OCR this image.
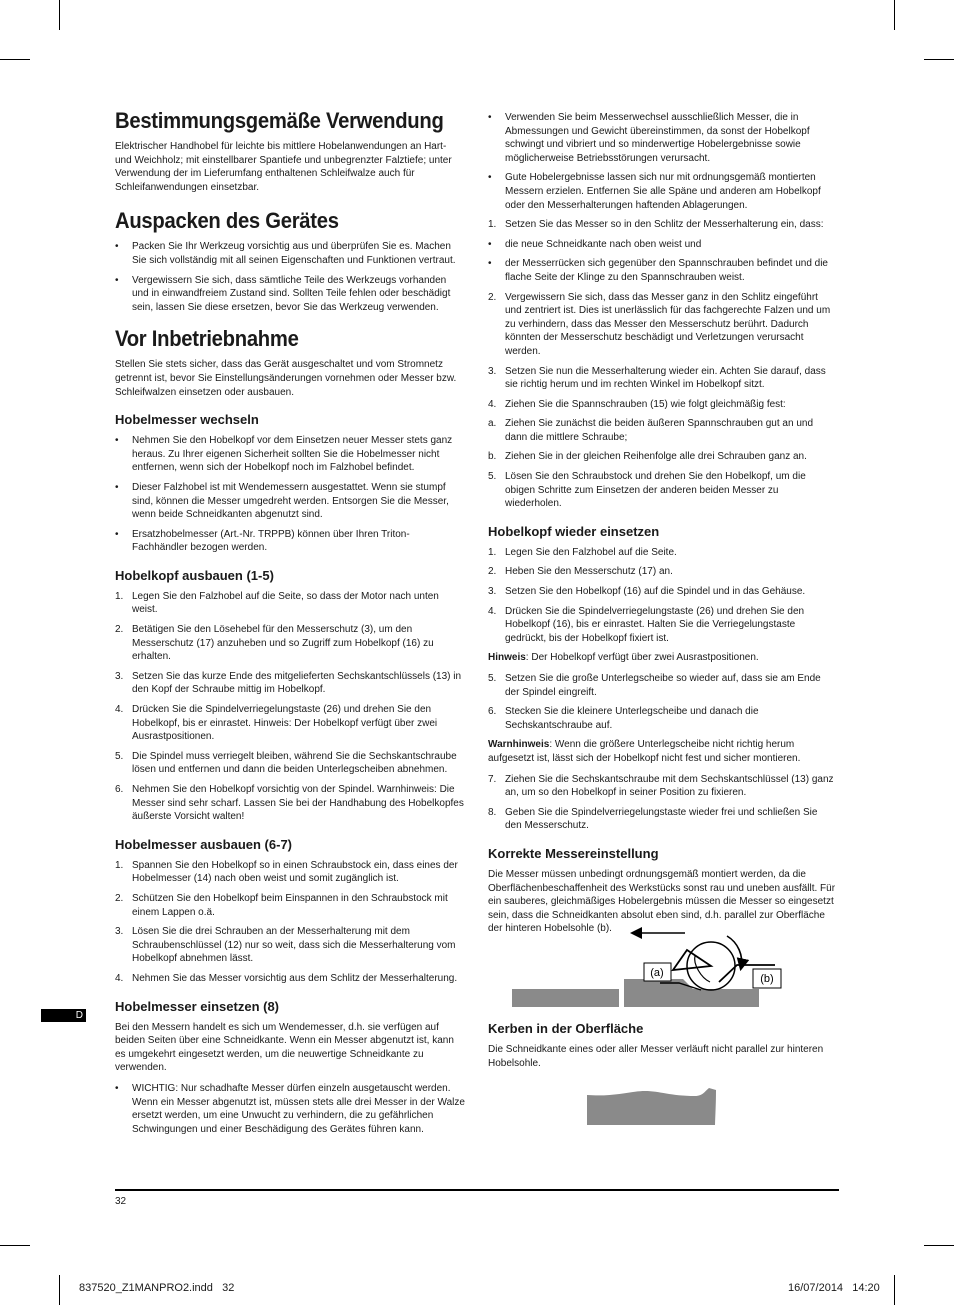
Bestimmungsgemäße Verwendung

Elektrischer Handhobel für leichte bis mittlere Hobelanwendungen an Hart- und Weichholz; mit einstellbarer Spantiefe und unbegrenzter Falztiefe; unter Verwendung der im Lieferumfang enthaltenen Schleifwalze auch für Schleifanwendungen einsetzbar.

Auspacken des Gerätes
• Packen Sie Ihr Werkzeug vorsichtig aus und überprüfen Sie es. Machen Sie sich vollständig mit all seinen Eigenschaften und Funktionen vertraut.
• Vergewissern Sie sich, dass sämtliche Teile des Werkzeugs vorhanden und in einwandfreiem Zustand sind. Sollten Teile fehlen oder beschädigt sein, lassen Sie diese ersetzen, bevor Sie das Werkzeug verwenden.
Vor Inbetriebnahme

Stellen Sie stets sicher, dass das Gerät ausgeschaltet und vom Stromnetz getrennt ist, bevor Sie Einstellungsänderungen vornehmen oder Messer bzw. Schleifwalzen einsetzen oder ausbauen.

Hobelmesser wechseln
• Nehmen Sie den Hobelkopf vor dem Einsetzen neuer Messer stets ganz heraus. Zu Ihrer eigenen Sicherheit sollten Sie die Hobelmesser nicht entfernen, wenn sich der Hobelkopf noch im Falzhobel befindet.
• Dieser Falzhobel ist mit Wendemessern ausgestattet. Wenn sie stumpf sind, können die Messer umgedreht werden. Entsorgen Sie die Messer, wenn beide Schneidkanten abgenutzt sind.
• Ersatzhobelmesser (Art.-Nr. TRPPB) können über Ihren Triton-Fachhändler bezogen werden.
Hobelkopf ausbauen (1-5)
1. Legen Sie den Falzhobel auf die Seite, so dass der Motor nach unten weist.
2. Betätigen Sie den Lösehebel für den Messerschutz (3), um den Messerschutz (17) anzuheben und so Zugriff zum Hobelkopf (16) zu erhalten.
3. Setzen Sie das kurze Ende des mitgelieferten Sechskantschlüssels (13) in den Kopf der Schraube mittig im Hobelkopf.
4. Drücken Sie die Spindelverriegelungstaste (26) und drehen Sie den Hobelkopf, bis er einrastet. Hinweis: Der Hobelkopf verfügt über zwei Ausrastpositionen.
5. Die Spindel muss verriegelt bleiben, während Sie die Sechskantschraube lösen und entfernen und dann die beiden Unterlegscheiben abnehmen.
6. Nehmen Sie den Hobelkopf vorsichtig von der Spindel. Warnhinweis: Die Messer sind sehr scharf. Lassen Sie bei der Handhabung des Hobelkopfes äußerste Vorsicht walten!
Hobelmesser ausbauen (6-7)
1. Spannen Sie den Hobelkopf so in einen Schraubstock ein, dass eines der Hobelmesser (14) nach oben weist und somit zugänglich ist.
2. Schützen Sie den Hobelkopf beim Einspannen in den Schraubstock mit einem Lappen o.ä.
3. Lösen Sie die drei Schrauben an der Messerhalterung mit dem Schraubenschlüssel (12) nur so weit, dass sich die Messerhalterung vom Hobelkopf abnehmen lässt.
4. Nehmen Sie das Messer vorsichtig aus dem Schlitz der Messerhalterung.
Hobelmesser einsetzen (8)

Bei den Messern handelt es sich um Wendemesser, d.h. sie verfügen auf beiden Seiten über eine Schneidkante. Wenn ein Messer abgenutzt ist, kann es umgekehrt eingesetzt werden, um die neuwertige Schneidkante zu verwenden.

• WICHTIG: Nur schadhafte Messer dürfen einzeln ausgetauscht werden. Wenn ein Messer abgenutzt ist, müssen stets alle drei Messer in der Walze ersetzt werden, um eine Unwucht zu verhindern, die zu gefährlichen Schwingungen und einer Beschädigung des Gerätes führen kann.
• Verwenden Sie beim Messerwechsel ausschließlich Messer, die in Abmessungen und Gewicht übereinstimmen, da sonst der Hobelkopf schwingt und vibriert und so minderwertige Hobelergebnisse sowie möglicherweise Betriebsstörungen verursacht.
• Gute Hobelergebnisse lassen sich nur mit ordnungsgemäß montierten Messern erzielen. Entfernen Sie alle Späne und anderen am Hobelkopf oder den Messerhalterungen haftenden Ablagerungen.
1. Setzen Sie das Messer so in den Schlitz der Messerhalterung ein, dass:
• die neue Schneidkante nach oben weist und
• der Messerrücken sich gegenüber den Spannschrauben befindet und die flache Seite der Klinge zu den Spannschrauben weist.
2. Vergewissern Sie sich, dass das Messer ganz in den Schlitz eingeführt und zentriert ist. Dies ist unerlässlich für das fachgerechte Falzen und um zu verhindern, dass das Messer den Messerschutz berührt. Dadurch könnten der Messerschutz beschädigt und Verletzungen verursacht werden.
3. Setzen Sie nun die Messerhalterung wieder ein. Achten Sie darauf, dass sie richtig herum und im rechten Winkel im Hobelkopf sitzt.
4. Ziehen Sie die Spannschrauben (15) wie folgt gleichmäßig fest:
a. Ziehen Sie zunächst die beiden äußeren Spannschrauben gut an und dann die mittlere Schraube;
b. Ziehen Sie in der gleichen Reihenfolge alle drei Schrauben ganz an.
5. Lösen Sie den Schraubstock und drehen Sie den Hobelkopf, um die obigen Schritte zum Einsetzen der anderen beiden Messer zu wiederholen.
Hobelkopf wieder einsetzen
1. Legen Sie den Falzhobel auf die Seite.
2. Heben Sie den Messerschutz (17) an.
3. Setzen Sie den Hobelkopf (16) auf die Spindel und in das Gehäuse.
4. Drücken Sie die Spindelverriegelungstaste (26) und drehen Sie den Hobelkopf (16), bis er einrastet. Halten Sie die Verriegelungstaste gedrückt, bis der Hobelkopf fixiert ist.

Hinweis: Der Hobelkopf verfügt über zwei Ausrastpositionen.

5. Setzen Sie die große Unterlegscheibe so wieder auf, dass sie am Ende der Spindel eingreift.
6. Stecken Sie die kleinere Unterlegscheibe und danach die Sechskantschraube auf.

Warnhinweis: Wenn die größere Unterlegscheibe nicht richtig herum aufgesetzt ist, lässt sich der Hobelkopf nicht fest und sicher montieren.

7. Ziehen Sie die Sechskantschraube mit dem Sechskantschlüssel (13) ganz an, um so den Hobelkopf in seiner Position zu fixieren.
8. Geben Sie die Spindelverriegelungstaste wieder frei und schließen Sie den Messerschutz.
Korrekte Messereinstellung

Die Messer müssen unbedingt ordnungsgemäß montiert werden, da die Oberflächenbeschaffenheit des Werkstücks sonst rau und uneben ausfällt. Für ein sauberes, gleichmäßiges Hobelergebnis müssen die Messer so eingesetzt sein, dass die Schneidkanten absolut eben sind, d.h. parallel zur Oberfläche der hinteren Hobelsohle (b).

(a)	(b)
Kerben in der Oberfläche

Die Schneidkante eines oder aller Messer verläuft nicht parallel zur hinteren Hobelsohle.

D
32
837520_Z1MANPRO2.indd   32	16/07/2014   14:20
